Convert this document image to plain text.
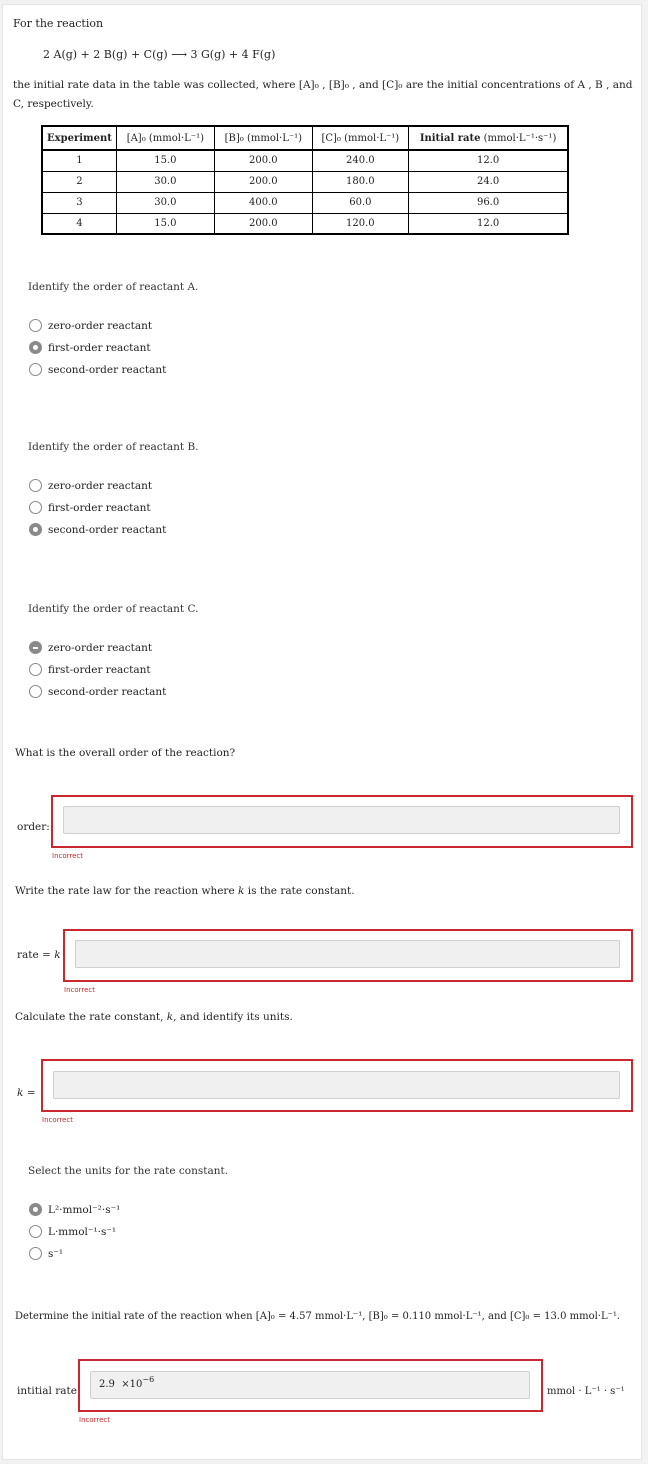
For the reaction
2 A(g) + 2 B(g) + C(g) ⟶ 3 G(g) + 4 F(g)
the initial rate data in the table was collected, where [A]₀ , [B]₀ , and [C]₀ are the initial concentrations of A , B , and
C, respectively.
Experiment	[A]₀ (mmol·L⁻¹)	[B]₀ (mmol·L⁻¹)	[C]₀ (mmol·L⁻¹)	Initial rate (mmol·L⁻¹·s⁻¹)
1	15.0	200.0	240.0	12.0
2	30.0	200.0	180.0	24.0
3	30.0	400.0	60.0	96.0
4	15.0	200.0	120.0	12.0
Identify the order of reactant A.
zero-order reactant
first-order reactant
second-order reactant
Identify the order of reactant B.
zero-order reactant
first-order reactant
second-order reactant
Identify the order of reactant C.
zero-order reactant
first-order reactant
second-order reactant
What is the overall order of the reaction?
order:
Incorrect
Write the rate law for the reaction where k is the rate constant.
rate = k
Incorrect
Calculate the rate constant, k, and identify its units.
k =
Incorrect
Select the units for the rate constant.
L²·mmol⁻²·s⁻¹
L·mmol⁻¹·s⁻¹
s⁻¹
Determine the initial rate of the reaction when [A]₀ = 4.57 mmol·L⁻¹, [B]₀ = 0.110 mmol·L⁻¹, and [C]₀ = 13.0 mmol·L⁻¹.
intitial rate:
2.9
×10 −6
mmol · L⁻¹ · s⁻¹
Incorrect
